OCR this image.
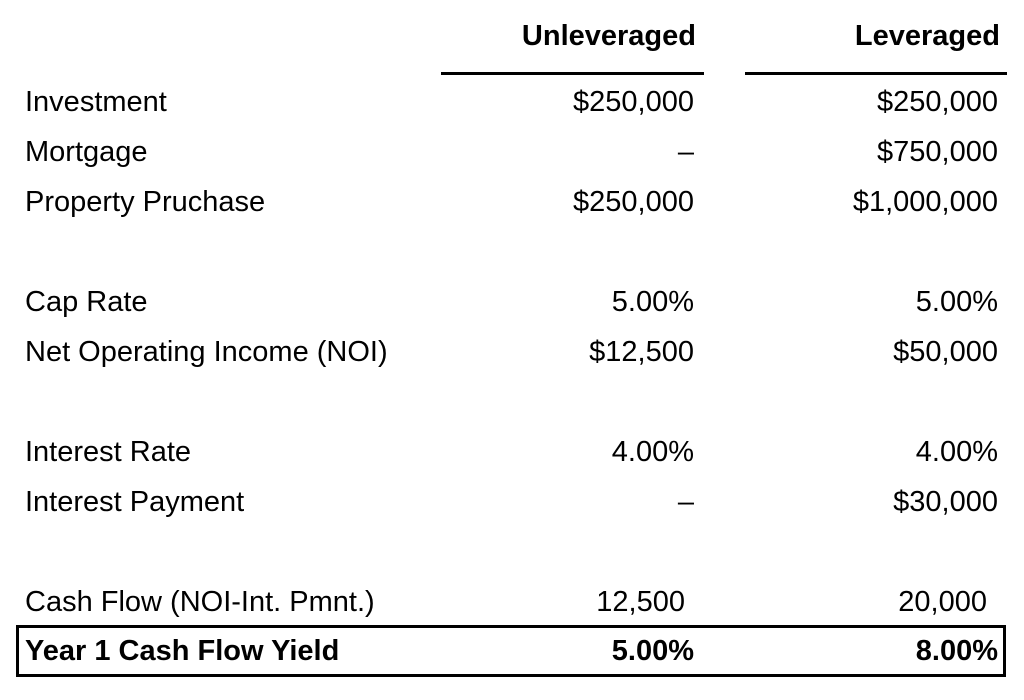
Unleveraged	Leveraged
Investment	$250,000	$250,000
Mortgage	–	$750,000
Property Pruchase	$250,000	$1,000,000
Cap Rate	5.00%	5.00%
Net Operating Income (NOI)	$12,500	$50,000
Interest Rate	4.00%	4.00%
Interest Payment	–	$30,000
Cash Flow (NOI-Int. Pmnt.)	12,500	20,000
Year 1 Cash Flow Yield	5.00%	8.00%
